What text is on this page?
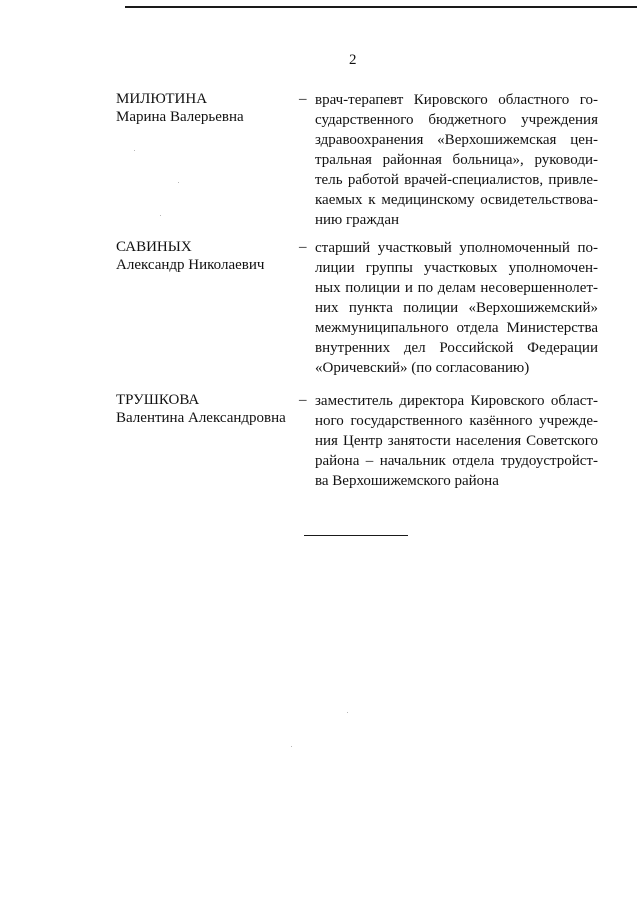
2
МИЛЮТИНА
Марина Валерьевна
– врач-терапевт Кировского областного го-
сударственного бюджетного учреждения
здравоохранения «Верхошижемская цен-
тральная районная больница», руководи-
тель работой врачей-специалистов, привле-
каемых к медицинскому освидетельствова-
нию граждан
САВИНЫХ
Александр Николаевич
– старший участковый уполномоченный по-
лиции группы участковых уполномочен-
ных полиции и по делам несовершеннолет-
них пункта полиции «Верхошижемский»
межмуниципального отдела Министерства
внутренних дел Российской Федерации
«Оричевский» (по согласованию)
ТРУШКОВА
Валентина Александровна
– заместитель директора Кировского област-
ного государственного казённого учрежде-
ния Центр занятости населения Советского
района – начальник отдела трудоустройст-
ва Верхошижемского района
